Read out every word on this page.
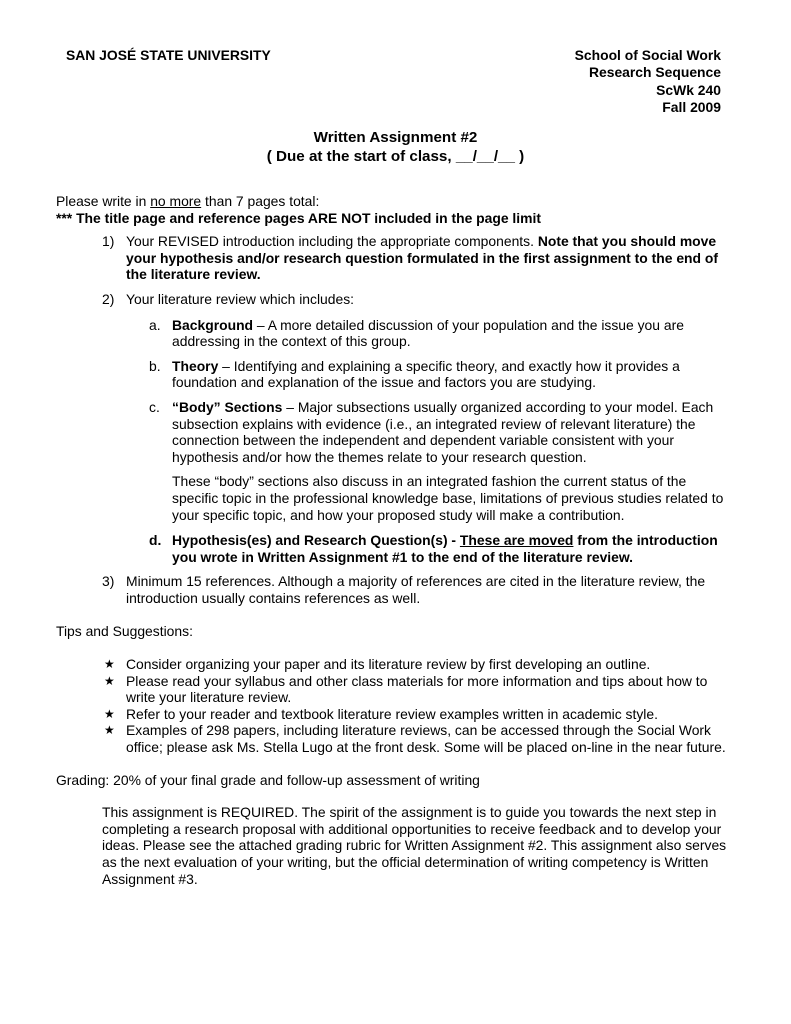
SAN JOSÉ STATE UNIVERSITY	School of Social Work
Research Sequence
ScWk 240
Fall 2009
Written Assignment #2
( Due at the start of class, __/__/__ )

Please write in no more than 7 pages total:

*** The title page and reference pages ARE NOT included in the page limit

1) Your REVISED introduction including the appropriate components. Note that you should move your hypothesis and/or research question formulated in the first assignment to the end of the literature review.
2) Your literature review which includes:
a. Background – A more detailed discussion of your population and the issue you are addressing in the context of this group.
b. Theory – Identifying and explaining a specific theory, and exactly how it provides a foundation and explanation of the issue and factors you are studying.
c. “Body” Sections – Major subsections usually organized according to your model. Each subsection explains with evidence (i.e., an integrated review of relevant literature) the connection between the independent and dependent variable consistent with your hypothesis and/or how the themes relate to your research question.
These “body” sections also discuss in an integrated fashion the current status of the specific topic in the professional knowledge base, limitations of previous studies related to your specific topic, and how your proposed study will make a contribution.
d. Hypothesis(es) and Research Question(s) - These are moved from the introduction you wrote in Written Assignment #1 to the end of the literature review.
3) Minimum 15 references. Although a majority of references are cited in the literature review, the introduction usually contains references as well.

Tips and Suggestions:

★ Consider organizing your paper and its literature review by first developing an outline.
★ Please read your syllabus and other class materials for more information and tips about how to write your literature review.
★ Refer to your reader and textbook literature review examples written in academic style.
★ Examples of 298 papers, including literature reviews, can be accessed through the Social Work office; please ask Ms. Stella Lugo at the front desk. Some will be placed on-line in the near future.

Grading: 20% of your final grade and follow-up assessment of writing

This assignment is REQUIRED. The spirit of the assignment is to guide you towards the next step in completing a research proposal with additional opportunities to receive feedback and to develop your ideas. Please see the attached grading rubric for Written Assignment #2. This assignment also serves as the next evaluation of your writing, but the official determination of writing competency is Written Assignment #3.
